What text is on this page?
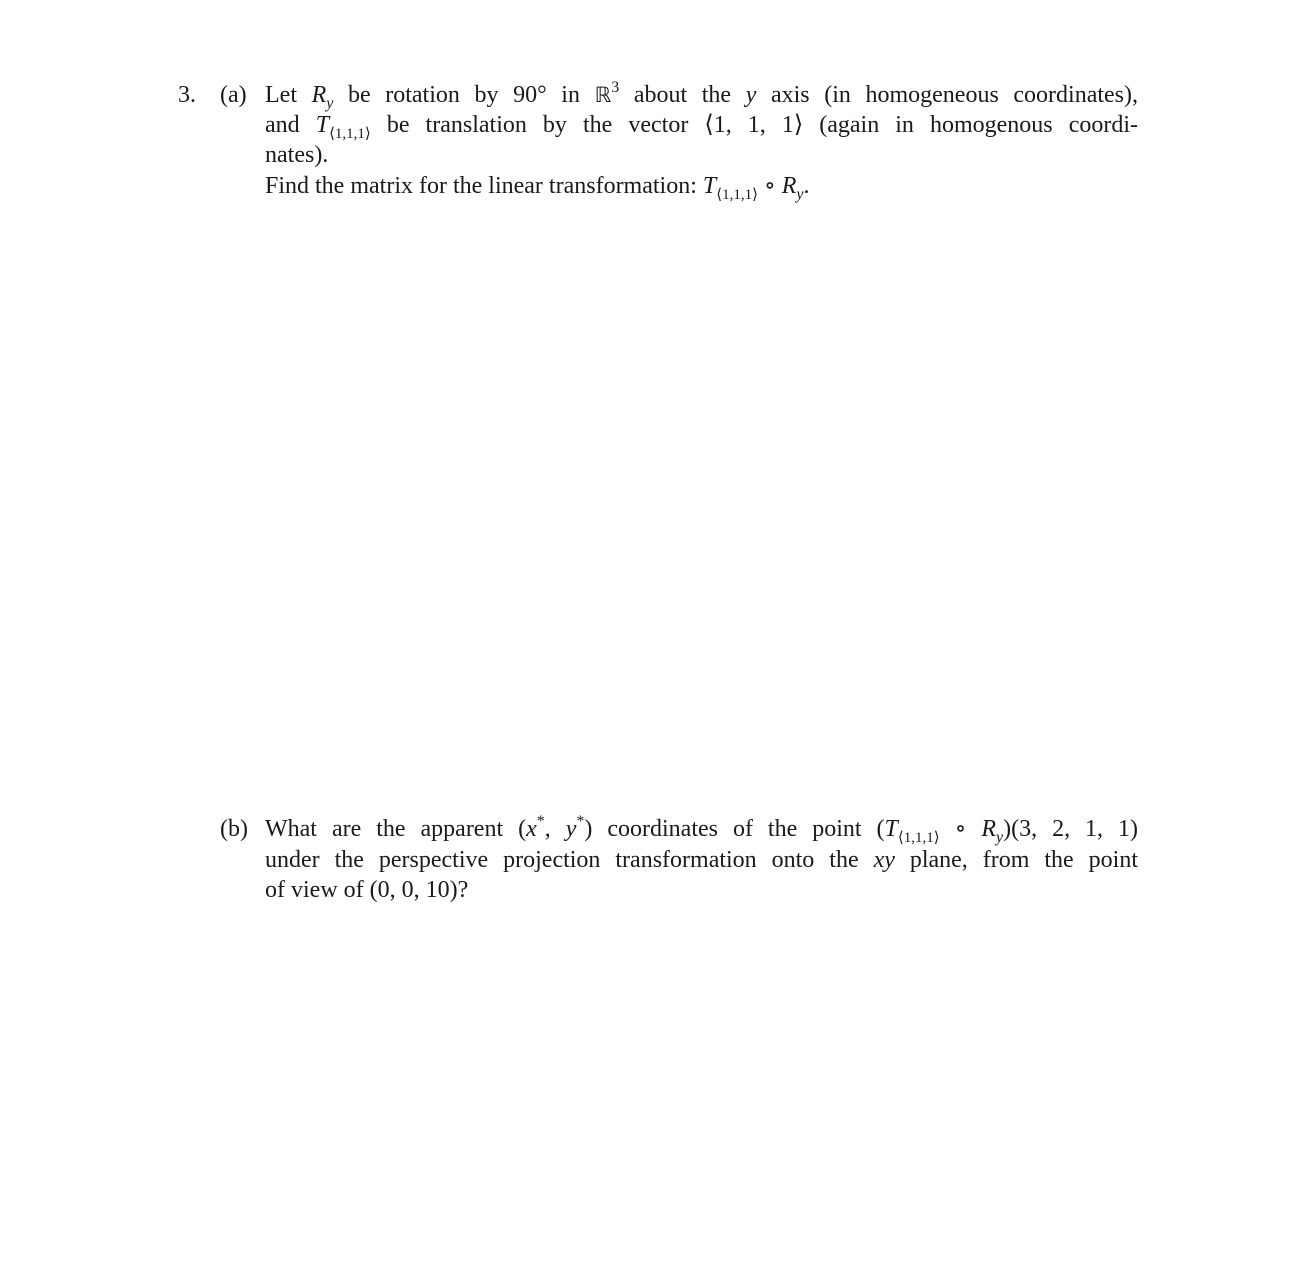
3. (a) Let $R_y$ be rotation by 90° in ℝ$^3$ about the y axis (in homogeneous coordinates),
and $T_{⟨1,1,1⟩}$ be translation by the vector ⟨1, 1, 1⟩ (again in homogenous coordi-
nates).
Find the matrix for the linear transformation: $T_{⟨1,1,1⟩}$ ∘ $R_y$.
(b) What are the apparent (x*, y*) coordinates of the point ($T_{⟨1,1,1⟩}$ ∘ $R_y)(3$, 2, 1, 1)
under the perspective projection transformation onto the xy plane, from the point
of view of (0, 0, 10)?
